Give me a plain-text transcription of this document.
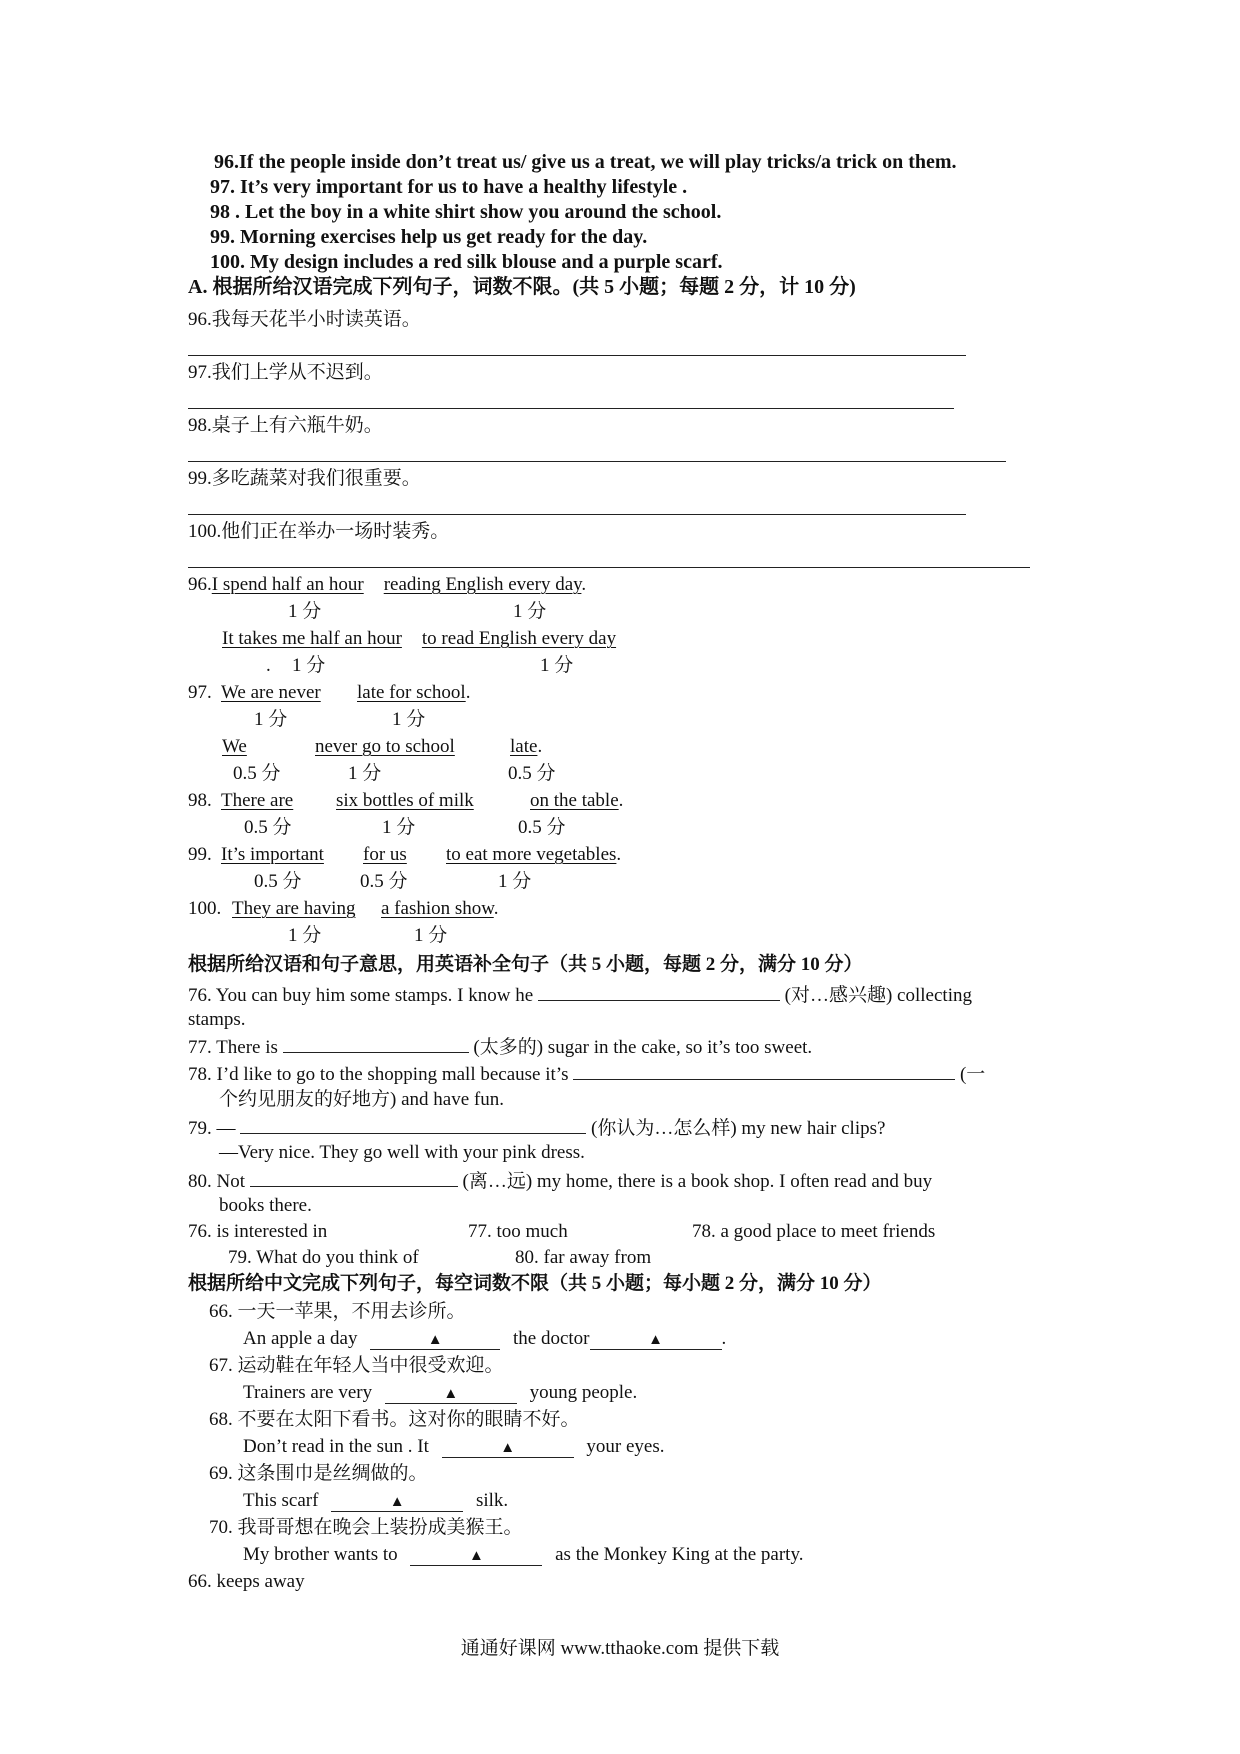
96.If the people inside don’t treat us/ give us a treat, we will play tricks/a trick on them.
97. It’s very important for us to have a healthy lifestyle .
98 . Let the boy in a white shirt show you around the school.
99. Morning exercises help us get ready for the day.
100. My design includes a red silk blouse and a purple scarf.
A. 根据所给汉语完成下列句子，词数不限。(共 5 小题；每题 2 分，计 10 分)
96.我每天花半小时读英语。
97.我们上学从不迟到。
98.桌子上有六瓶牛奶。
99.多吃蔬菜对我们很重要。
100.他们正在举办一场时装秀。
96.I spend half an hour reading English every day.
1 分	1 分
It takes me half an hour to read English every day
. 1 分	1 分
97. We are never late for school.
1 分	1 分
We	never go to school	late.
0.5 分	1 分	0.5 分
98. There are six bottles of milk	on the table.
0.5 分	1 分	0.5 分
99. It’s important for us to eat more vegetables.
0.5 分	0.5 分	1 分
100. They are having a fashion show.
1 分	1 分
根据所给汉语和句子意思，用英语补全句子（共 5 小题，每题 2 分，满分 10 分）
76. You can buy him some stamps. I know he	(对…感兴趣) collecting
stamps.
77. There is	(太多的) sugar in the cake, so it’s too sweet.
78. I’d like to go to the shopping mall because it’s	(一
个约见朋友的好地方) and have fun.
79. —	(你认为…怎么样) my new hair clips?
—Very nice. They go well with your pink dress.
80. Not	(离…远) my home, there is a book shop. I often read and buy
books there.
76. is interested in	77. too much	78. a good place to meet friends
79. What do you think of	80. far away from
根据所给中文完成下列句子，每空词数不限（共 5 小题；每小题 2 分，满分 10 分）
66. 一天一苹果，不用去诊所。
An apple a day	▲	the doctor	▲	.
67. 运动鞋在年轻人当中很受欢迎。
Trainers are very	▲	young people.
68. 不要在太阳下看书。这对你的眼睛不好。
Don’t read in the sun . It	▲	your eyes.
69. 这条围巾是丝绸做的。
This scarf	▲	silk.
70. 我哥哥想在晚会上装扮成美猴王。
My brother wants to	▲	as the Monkey King at the party.
66. keeps away
通通好课网 www.tthaoke.com 提供下载
